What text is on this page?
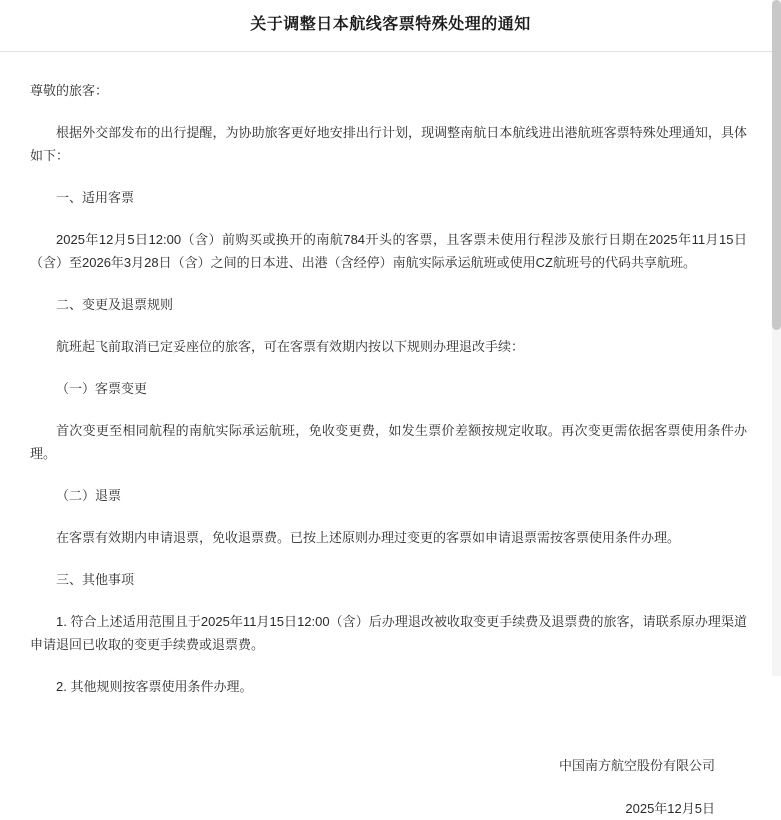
关于调整日本航线客票特殊处理的通知
尊敬的旅客：
根据外交部发布的出行提醒，为协助旅客更好地安排出行计划，现调整南航日本航线进出港航班客票特殊处理通知，具体如下：
一、适用客票
2025年12月5日12:00（含）前购买或换开的南航784开头的客票，且客票未使用行程涉及旅行日期在2025年11月15日（含）至2026年3月28日（含）之间的日本进、出港（含经停）南航实际承运航班或使用CZ航班号的代码共享航班。
二、变更及退票规则
航班起飞前取消已定妥座位的旅客，可在客票有效期内按以下规则办理退改手续：
（一）客票变更
首次变更至相同航程的南航实际承运航班，免收变更费，如发生票价差额按规定收取。再次变更需依据客票使用条件办理。
（二）退票
在客票有效期内申请退票，免收退票费。已按上述原则办理过变更的客票如申请退票需按客票使用条件办理。
三、其他事项
1. 符合上述适用范围且于2025年11月15日12:00（含）后办理退改被收取变更手续费及退票费的旅客，请联系原办理渠道申请退回已收取的变更手续费或退票费。
2. 其他规则按客票使用条件办理。
中国南方航空股份有限公司
2025年12月5日
